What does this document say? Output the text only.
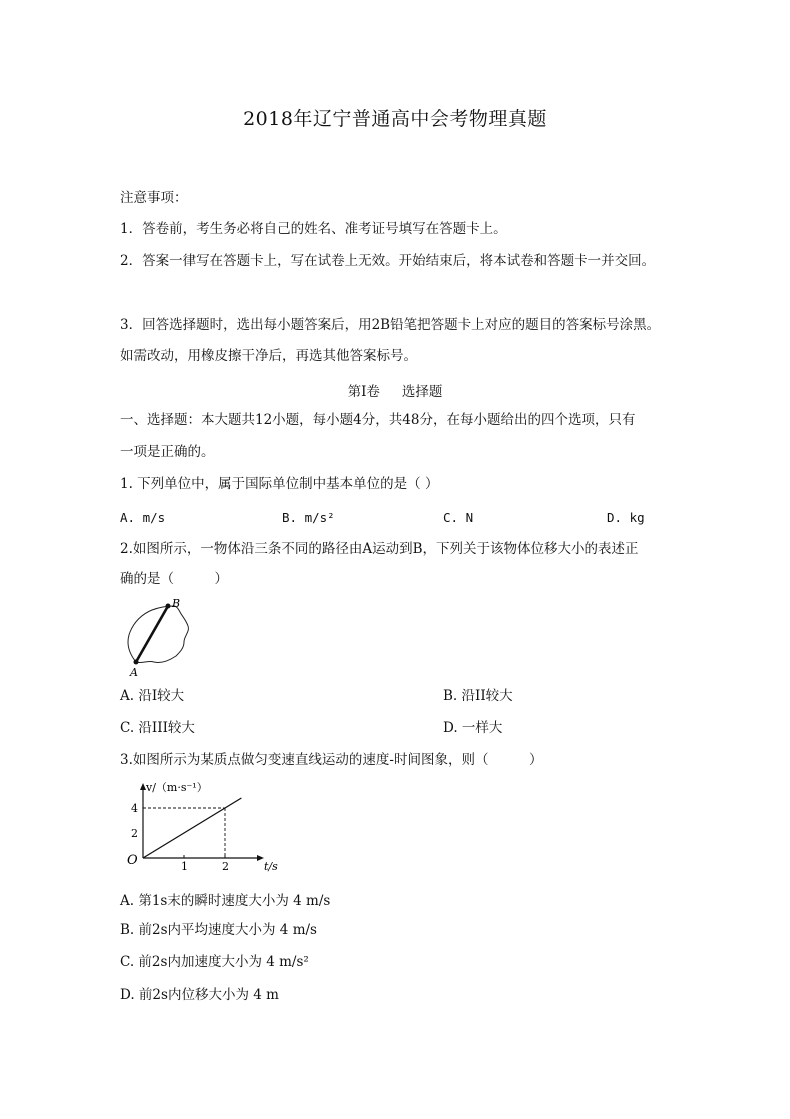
2018年辽宁普通高中会考物理真题
注意事项：
1．答卷前，考生务必将自己的姓名、准考证号填写在答题卡上。
2．答案一律写在答题卡上，写在试卷上无效。开始结束后，将本试卷和答题卡一并交回。
3．回答选择题时，选出每小题答案后，用2B铅笔把答题卡上对应的题目的答案标号涂黑。
如需改动，用橡皮擦干净后，再选其他答案标号。
第I卷 选择题
一、选择题：本大题共12小题，每小题4分，共48分，在每小题给出的四个选项，只有
一项是正确的。
1. 下列单位中，属于国际单位制中基本单位的是（ ）
A. m/s	B. m/s²	C. N	D. kg
2.如图所示，一物体沿三条不同的路径由A运动到B，下列关于该物体位移大小的表述正
确的是（　　　）
A
B
A. 沿I较大	B. 沿II较大
C. 沿III较大	D. 一样大
3.如图所示为某质点做匀变速直线运动的速度-时间图象，则（　　　）
1	2
2
4
v/（m·s⁻¹）
t/s
O
A. 第1s末的瞬时速度大小为 4 m/s
B. 前2s内平均速度大小为 4 m/s
C. 前2s内加速度大小为 4 m/s²
D. 前2s内位移大小为 4 m
